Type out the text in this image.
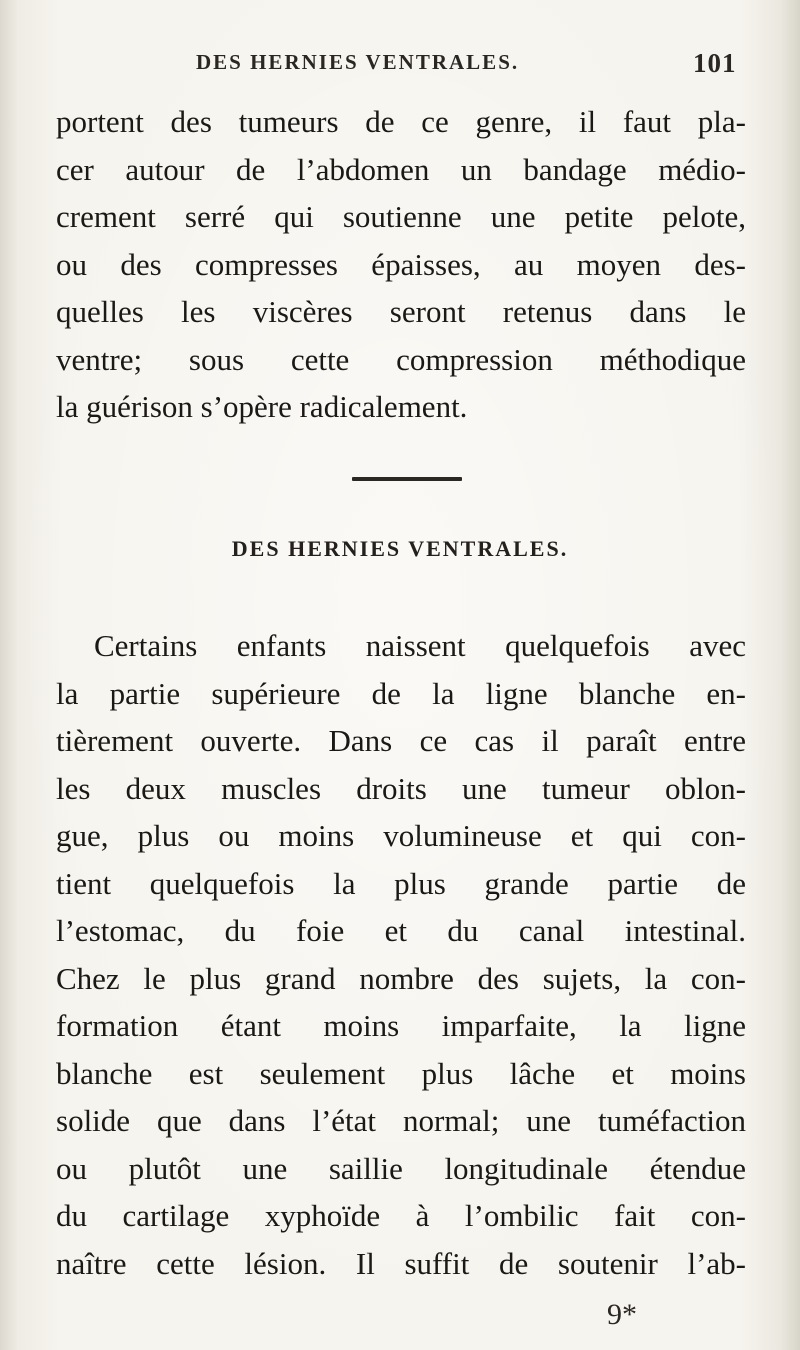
DES HERNIES VENTRALES.	101
portent des tumeurs de ce genre, il faut pla-
cer autour de l’abdomen un bandage médio-
crement serré qui soutienne une petite pelote,
ou des compresses épaisses, au moyen des-
quelles les viscères seront retenus dans le
ventre; sous cette compression méthodique
la guérison s’opère radicalement.
DES HERNIES VENTRALES.
Certains enfants naissent quelquefois avec
la partie supérieure de la ligne blanche en-
tièrement ouverte. Dans ce cas il paraît entre
les deux muscles droits une tumeur oblon-
gue, plus ou moins volumineuse et qui con-
tient quelquefois la plus grande partie de
l’estomac, du foie et du canal intestinal.
Chez le plus grand nombre des sujets, la con-
formation étant moins imparfaite, la ligne
blanche est seulement plus lâche et moins
solide que dans l’état normal; une tuméfaction
ou plutôt une saillie longitudinale étendue
du cartilage xyphoïde à l’ombilic fait con-
naître cette lésion. Il suffit de soutenir l’ab-
9*
